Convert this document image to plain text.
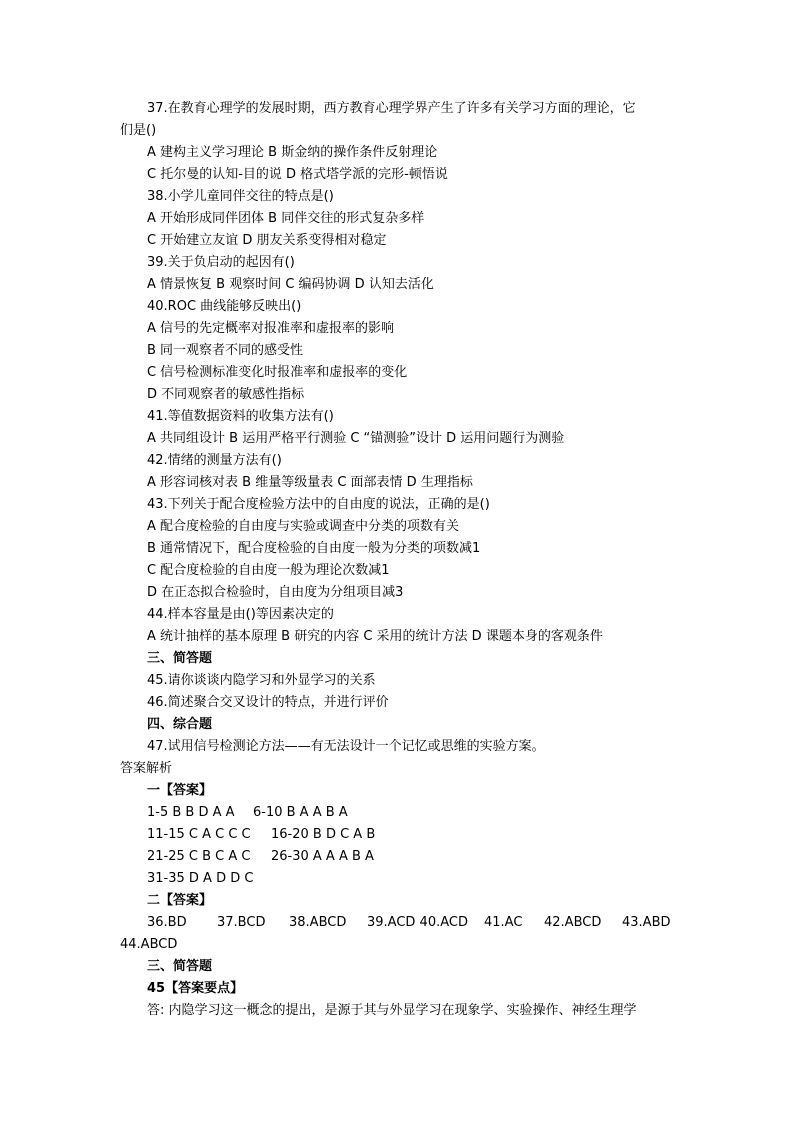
37.在教育心理学的发展时期，西方教育心理学界产生了许多有关学习方面的理论，它
们是()
A 建构主义学习理论 B 斯金纳的操作条件反射理论
C 托尔曼的认知-目的说 D 格式塔学派的完形-顿悟说
38.小学儿童同伴交往的特点是()
A 开始形成同伴团体 B 同伴交往的形式复杂多样
C 开始建立友谊 D 朋友关系变得相对稳定
39.关于负启动的起因有()
A 情景恢复 B 观察时间 C 编码协调 D 认知去活化
40.ROC 曲线能够反映出()
A 信号的先定概率对报准率和虚报率的影响
B 同一观察者不同的感受性
C 信号检测标准变化时报准率和虚报率的变化
D 不同观察者的敏感性指标
41.等值数据资料的收集方法有()
A 共同组设计 B 运用严格平行测验 C “锚测验”设计 D 运用问题行为测验
42.情绪的测量方法有()
A 形容词核对表 B 维量等级量表 C 面部表情 D 生理指标
43.下列关于配合度检验方法中的自由度的说法，正确的是()
A 配合度检验的自由度与实验或调查中分类的项数有关
B 通常情况下，配合度检验的自由度一般为分类的项数减1
C 配合度检验的自由度一般为理论次数减1
D 在正态拟合检验时，自由度为分组项目减3
44.样本容量是由()等因素决定的
A 统计抽样的基本原理 B 研究的内容 C 采用的统计方法 D 课题本身的客观条件
三、简答题
45.请你谈谈内隐学习和外显学习的关系
46.简述聚合交叉设计的特点，并进行评价
四、综合题
47.试用信号检测论方法——有无法设计一个记忆或思维的实验方案。
答案解析
一【答案】
1-5 B B D A A 6-10 B A A B A
11-15 C A C C C 16-20 B D C A B
21-25 C B C A C 26-30 A A A B A
31-35 D A D D C
二【答案】
36.BD 37.BCD 38.ABCD 39.ACD 40.ACD 41.AC 42.ABCD 43.ABD
44.ABCD
三、简答题
45【答案要点】
答: 内隐学习这一概念的提出，是源于其与外显学习在现象学、实验操作、神经生理学
